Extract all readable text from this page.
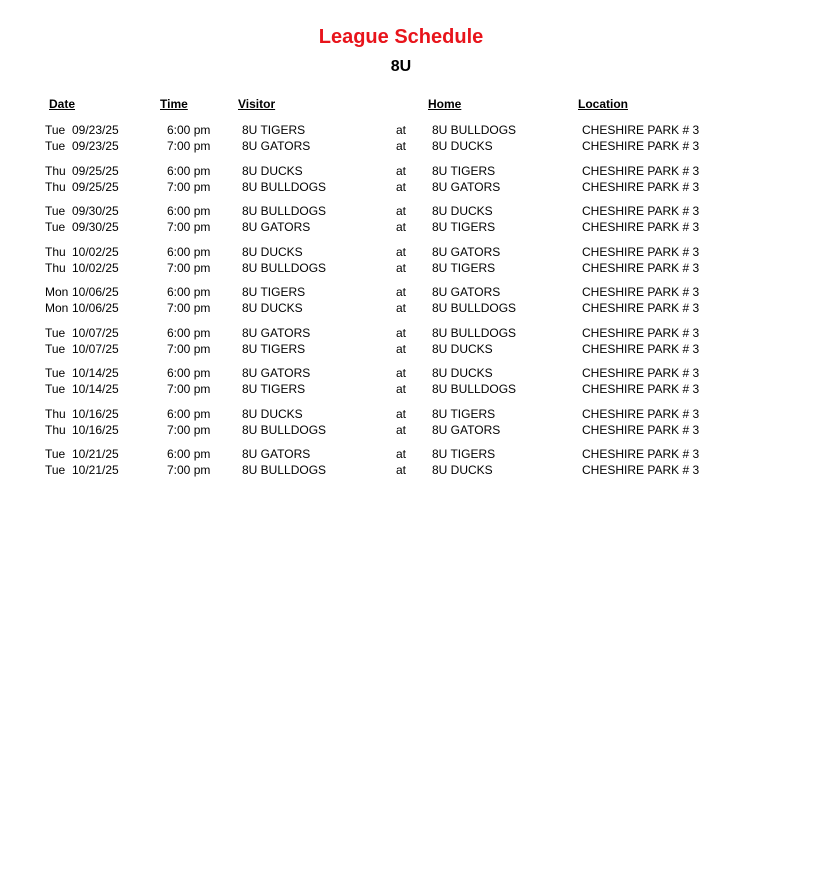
League Schedule
8U
Date	Time	Visitor	Home	Location
Tue 09/23/25	6:00 pm	8U TIGERS	at 8U BULLDOGS	CHESHIRE PARK # 3
Tue 09/23/25	7:00 pm	8U GATORS	at 8U DUCKS	CHESHIRE PARK # 3
Thu 09/25/25	6:00 pm	8U DUCKS	at 8U TIGERS	CHESHIRE PARK # 3
Thu 09/25/25	7:00 pm	8U BULLDOGS	at 8U GATORS	CHESHIRE PARK # 3
Tue 09/30/25	6:00 pm	8U BULLDOGS	at 8U DUCKS	CHESHIRE PARK # 3
Tue 09/30/25	7:00 pm	8U GATORS	at 8U TIGERS	CHESHIRE PARK # 3
Thu 10/02/25	6:00 pm	8U DUCKS	at 8U GATORS	CHESHIRE PARK # 3
Thu 10/02/25	7:00 pm	8U BULLDOGS	at 8U TIGERS	CHESHIRE PARK # 3
Mon 10/06/25	6:00 pm	8U TIGERS	at 8U GATORS	CHESHIRE PARK # 3
Mon 10/06/25	7:00 pm	8U DUCKS	at 8U BULLDOGS	CHESHIRE PARK # 3
Tue 10/07/25	6:00 pm	8U GATORS	at 8U BULLDOGS	CHESHIRE PARK # 3
Tue 10/07/25	7:00 pm	8U TIGERS	at 8U DUCKS	CHESHIRE PARK # 3
Tue 10/14/25	6:00 pm	8U GATORS	at 8U DUCKS	CHESHIRE PARK # 3
Tue 10/14/25	7:00 pm	8U TIGERS	at 8U BULLDOGS	CHESHIRE PARK # 3
Thu 10/16/25	6:00 pm	8U DUCKS	at 8U TIGERS	CHESHIRE PARK # 3
Thu 10/16/25	7:00 pm	8U BULLDOGS	at 8U GATORS	CHESHIRE PARK # 3
Tue 10/21/25	6:00 pm	8U GATORS	at 8U TIGERS	CHESHIRE PARK # 3
Tue 10/21/25	7:00 pm	8U BULLDOGS	at 8U DUCKS	CHESHIRE PARK # 3
